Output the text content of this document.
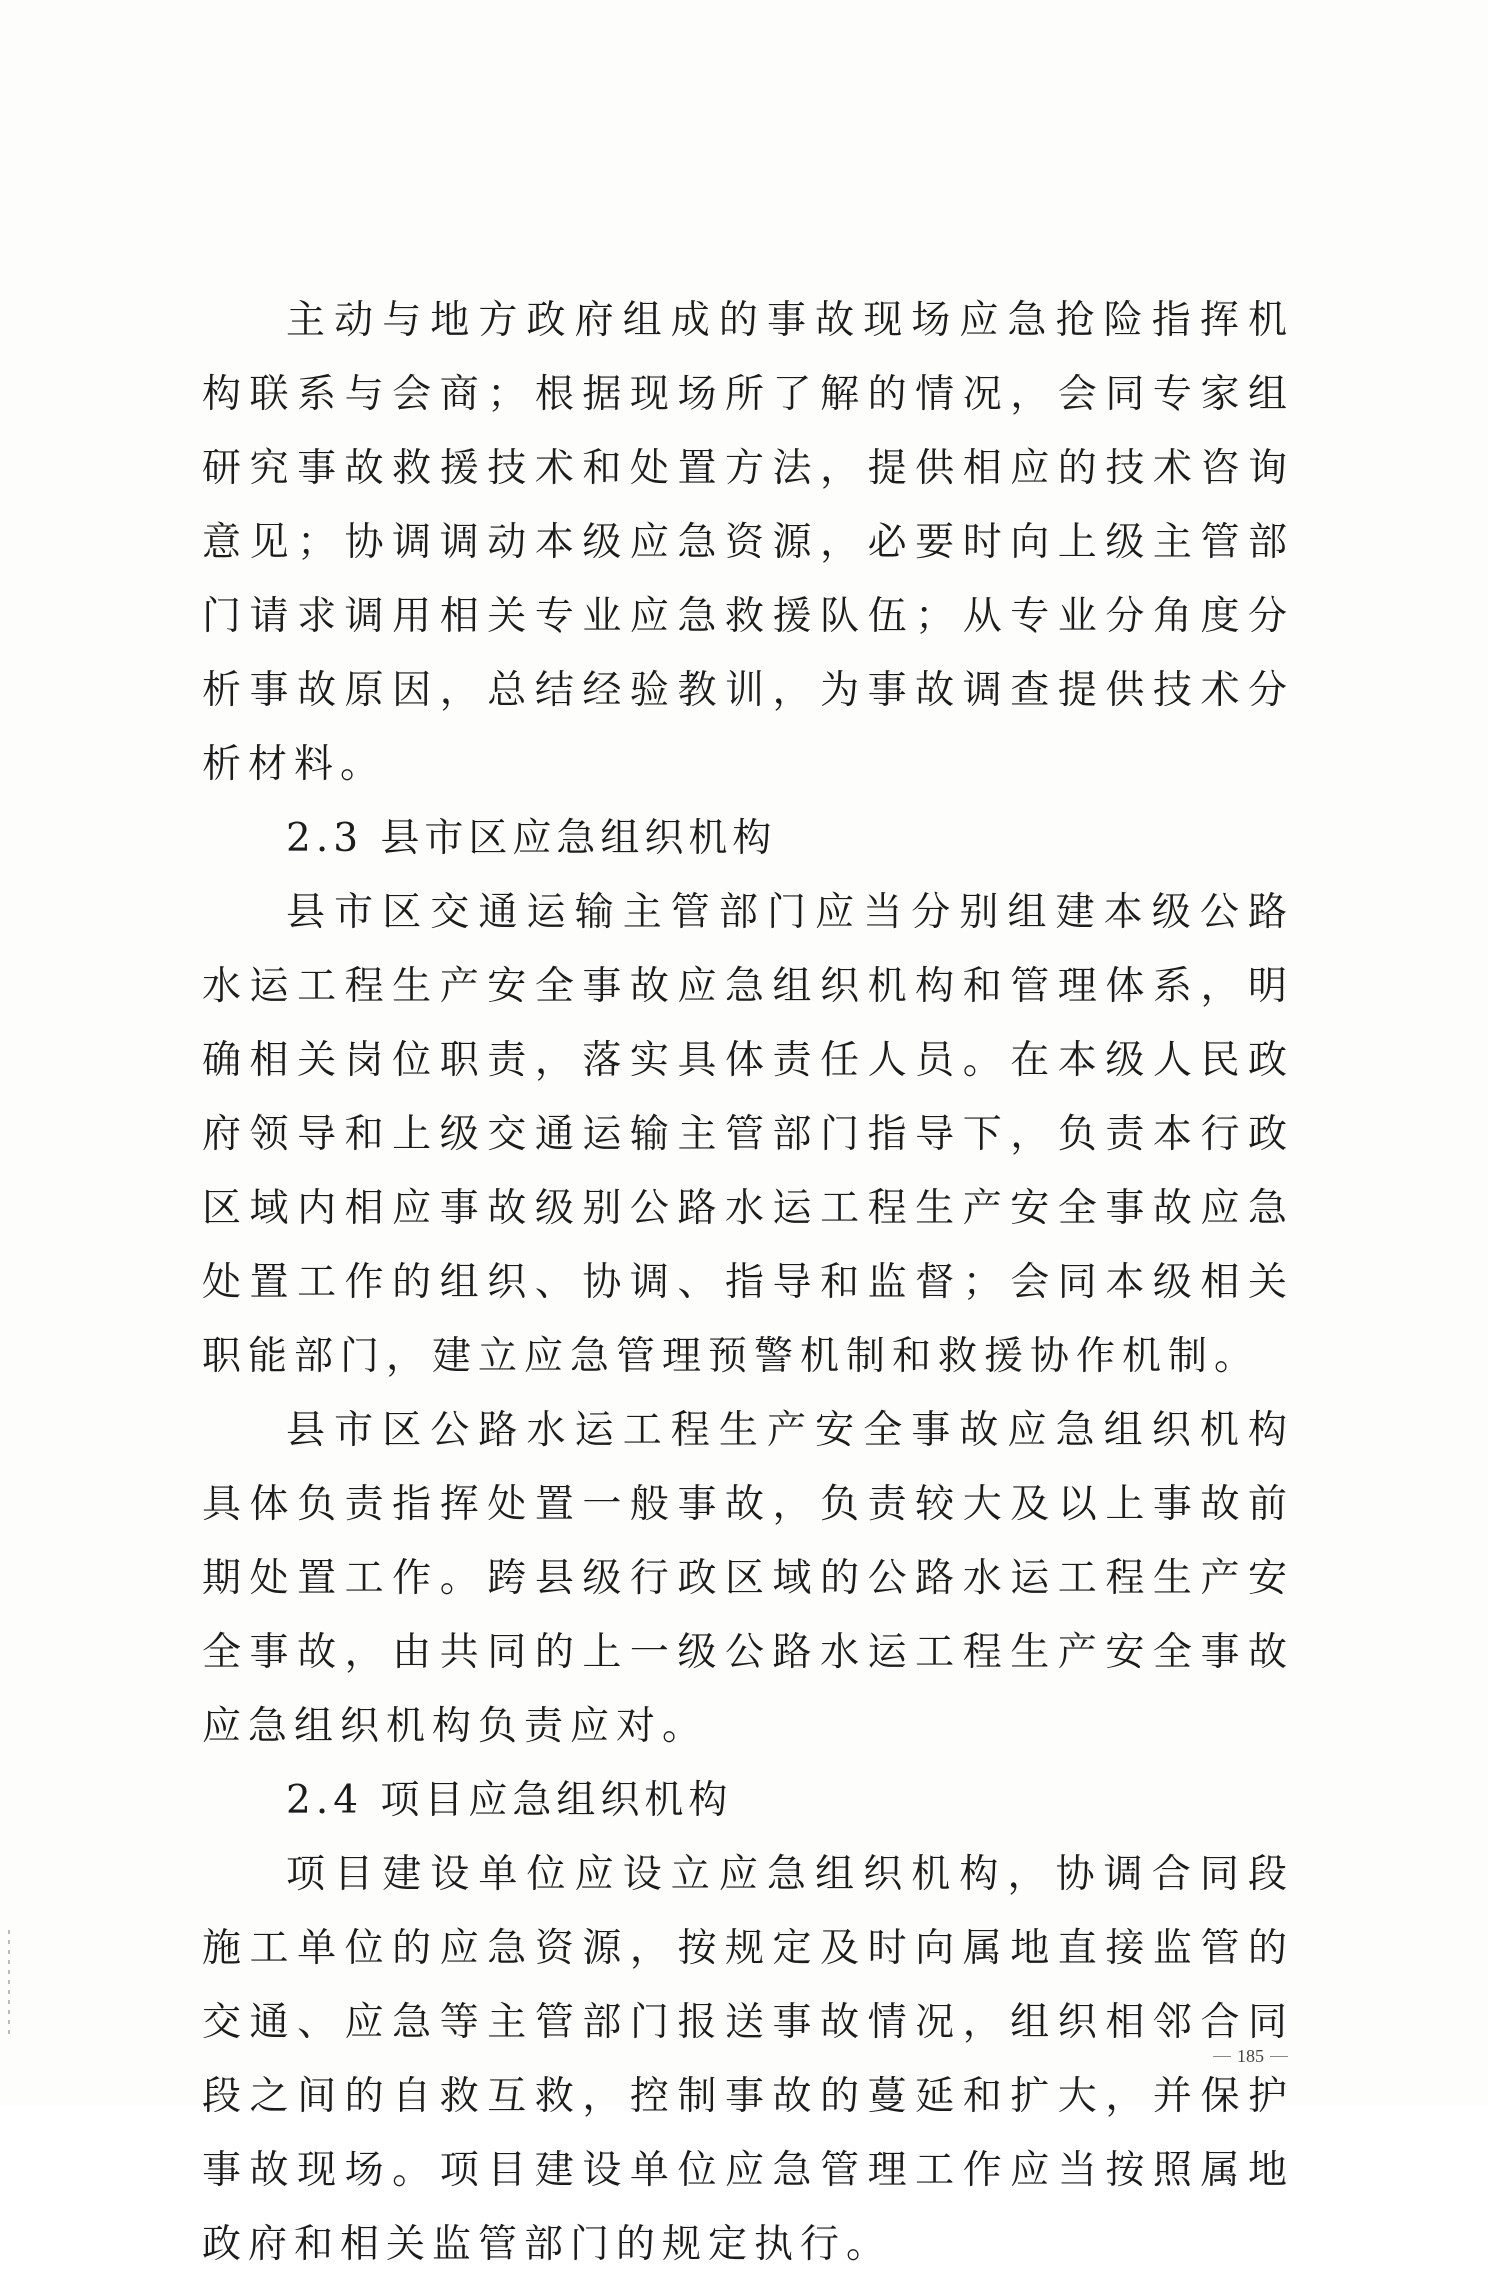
主动与地方政府组成的事故现场应急抢险指挥机构联系与会商；根据现场所了解的情况，会同专家组研究事故救援技术和处置方法，提供相应的技术咨询意见；协调调动本级应急资源，必要时向上级主管部门请求调用相关专业应急救援队伍；从专业分角度分析事故原因，总结经验教训，为事故调查提供技术分析材料。

2.3 县市区应急组织机构

县市区交通运输主管部门应当分别组建本级公路水运工程生产安全事故应急组织机构和管理体系，明确相关岗位职责，落实具体责任人员。在本级人民政府领导和上级交通运输主管部门指导下，负责本行政区域内相应事故级别公路水运工程生产安全事故应急处置工作的组织、协调、指导和监督；会同本级相关职能部门，建立应急管理预警机制和救援协作机制。

县市区公路水运工程生产安全事故应急组织机构具体负责指挥处置一般事故，负责较大及以上事故前期处置工作。跨县级行政区域的公路水运工程生产安全事故，由共同的上一级公路水运工程生产安全事故应急组织机构负责应对。

2.4 项目应急组织机构

项目建设单位应设立应急组织机构，协调合同段施工单位的应急资源，按规定及时向属地直接监管的交通、应急等主管部门报送事故情况，组织相邻合同段之间的自救互救，控制事故的蔓延和扩大，并保护事故现场。项目建设单位应急管理工作应当按照属地政府和相关监管部门的规定执行。

185
